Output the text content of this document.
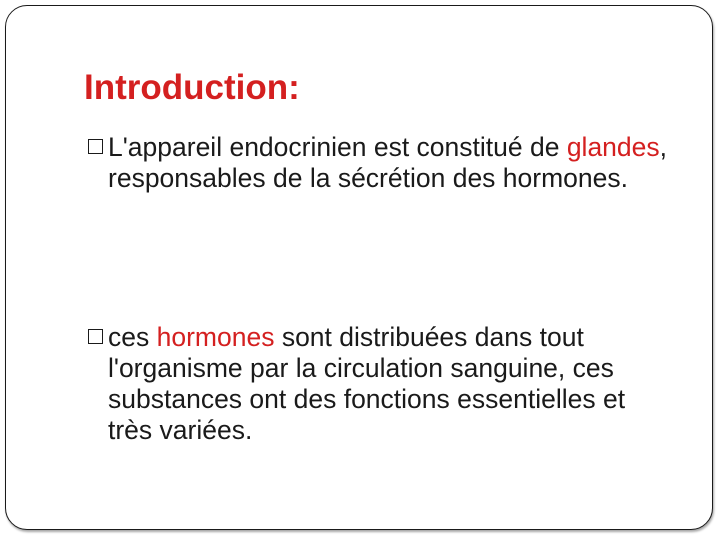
Introduction:

L'appareil endocrinien est constitué de glandes, responsables de la sécrétion des hormones.

ces hormones sont distribuées dans tout l'organisme par la circulation sanguine, ces substances ont des fonctions essentielles et très variées.
